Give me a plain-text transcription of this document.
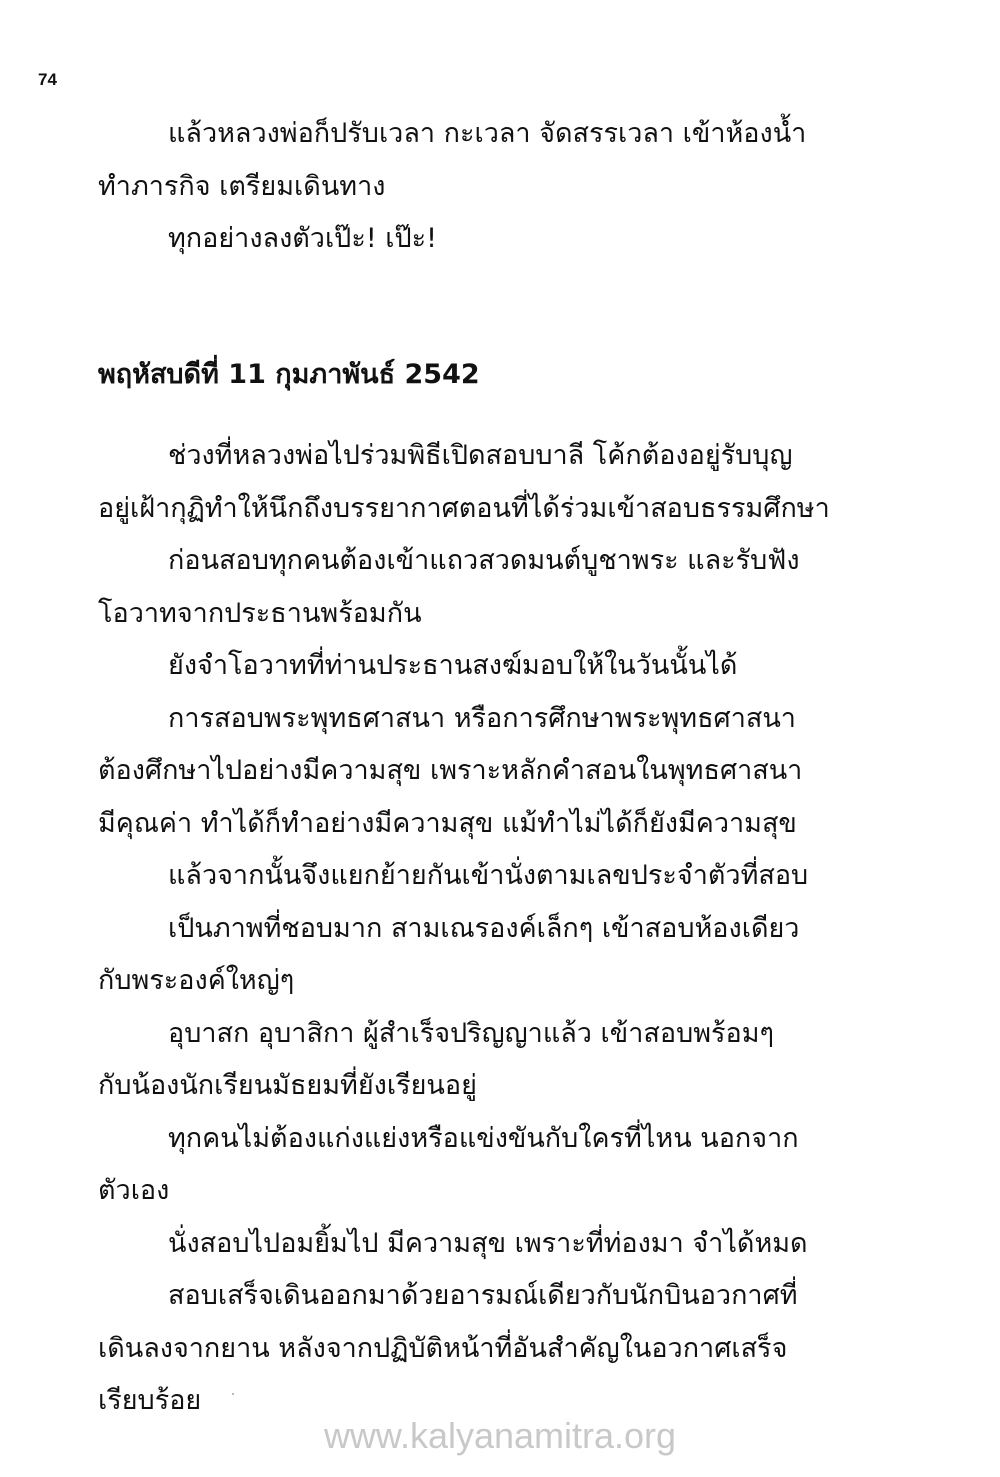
74
แล้วหลวงพ่อก็ปรับเวลา กะเวลา จัดสรรเวลา เข้าห้องน้ำ
ทำภารกิจ เตรียมเดินทาง
ทุกอย่างลงตัวเป๊ะ! เป๊ะ!
พฤหัสบดีที่ 11 กุมภาพันธ์ 2542
ช่วงที่หลวงพ่อไปร่วมพิธีเปิดสอบบาลี โค้กต้องอยู่รับบุญ
อยู่เฝ้ากุฏิทำให้นึกถึงบรรยากาศตอนที่ได้ร่วมเข้าสอบธรรมศึกษา
ก่อนสอบทุกคนต้องเข้าแถวสวดมนต์บูชาพระ และรับฟัง
โอวาทจากประธานพร้อมกัน
ยังจำโอวาทที่ท่านประธานสงฆ์มอบให้ในวันนั้นได้
การสอบพระพุทธศาสนา หรือการศึกษาพระพุทธศาสนา
ต้องศึกษาไปอย่างมีความสุข เพราะหลักคำสอนในพุทธศาสนา
มีคุณค่า ทำได้ก็ทำอย่างมีความสุข แม้ทำไม่ได้ก็ยังมีความสุข
แล้วจากนั้นจึงแยกย้ายกันเข้านั่งตามเลขประจำตัวที่สอบ
เป็นภาพที่ชอบมาก สามเณรองค์เล็กๆ เข้าสอบห้องเดียว
กับพระองค์ใหญ่ๆ
อุบาสก อุบาสิกา ผู้สำเร็จปริญญาแล้ว เข้าสอบพร้อมๆ
กับน้องนักเรียนมัธยมที่ยังเรียนอยู่
ทุกคนไม่ต้องแก่งแย่งหรือแข่งขันกับใครที่ไหน นอกจาก
ตัวเอง
นั่งสอบไปอมยิ้มไป มีความสุข เพราะที่ท่องมา จำได้หมด
สอบเสร็จเดินออกมาด้วยอารมณ์เดียวกับนักบินอวกาศที่
เดินลงจากยาน หลังจากปฏิบัติหน้าที่อันสำคัญในอวกาศเสร็จ
เรียบร้อย
www.kalyanamitra.org
